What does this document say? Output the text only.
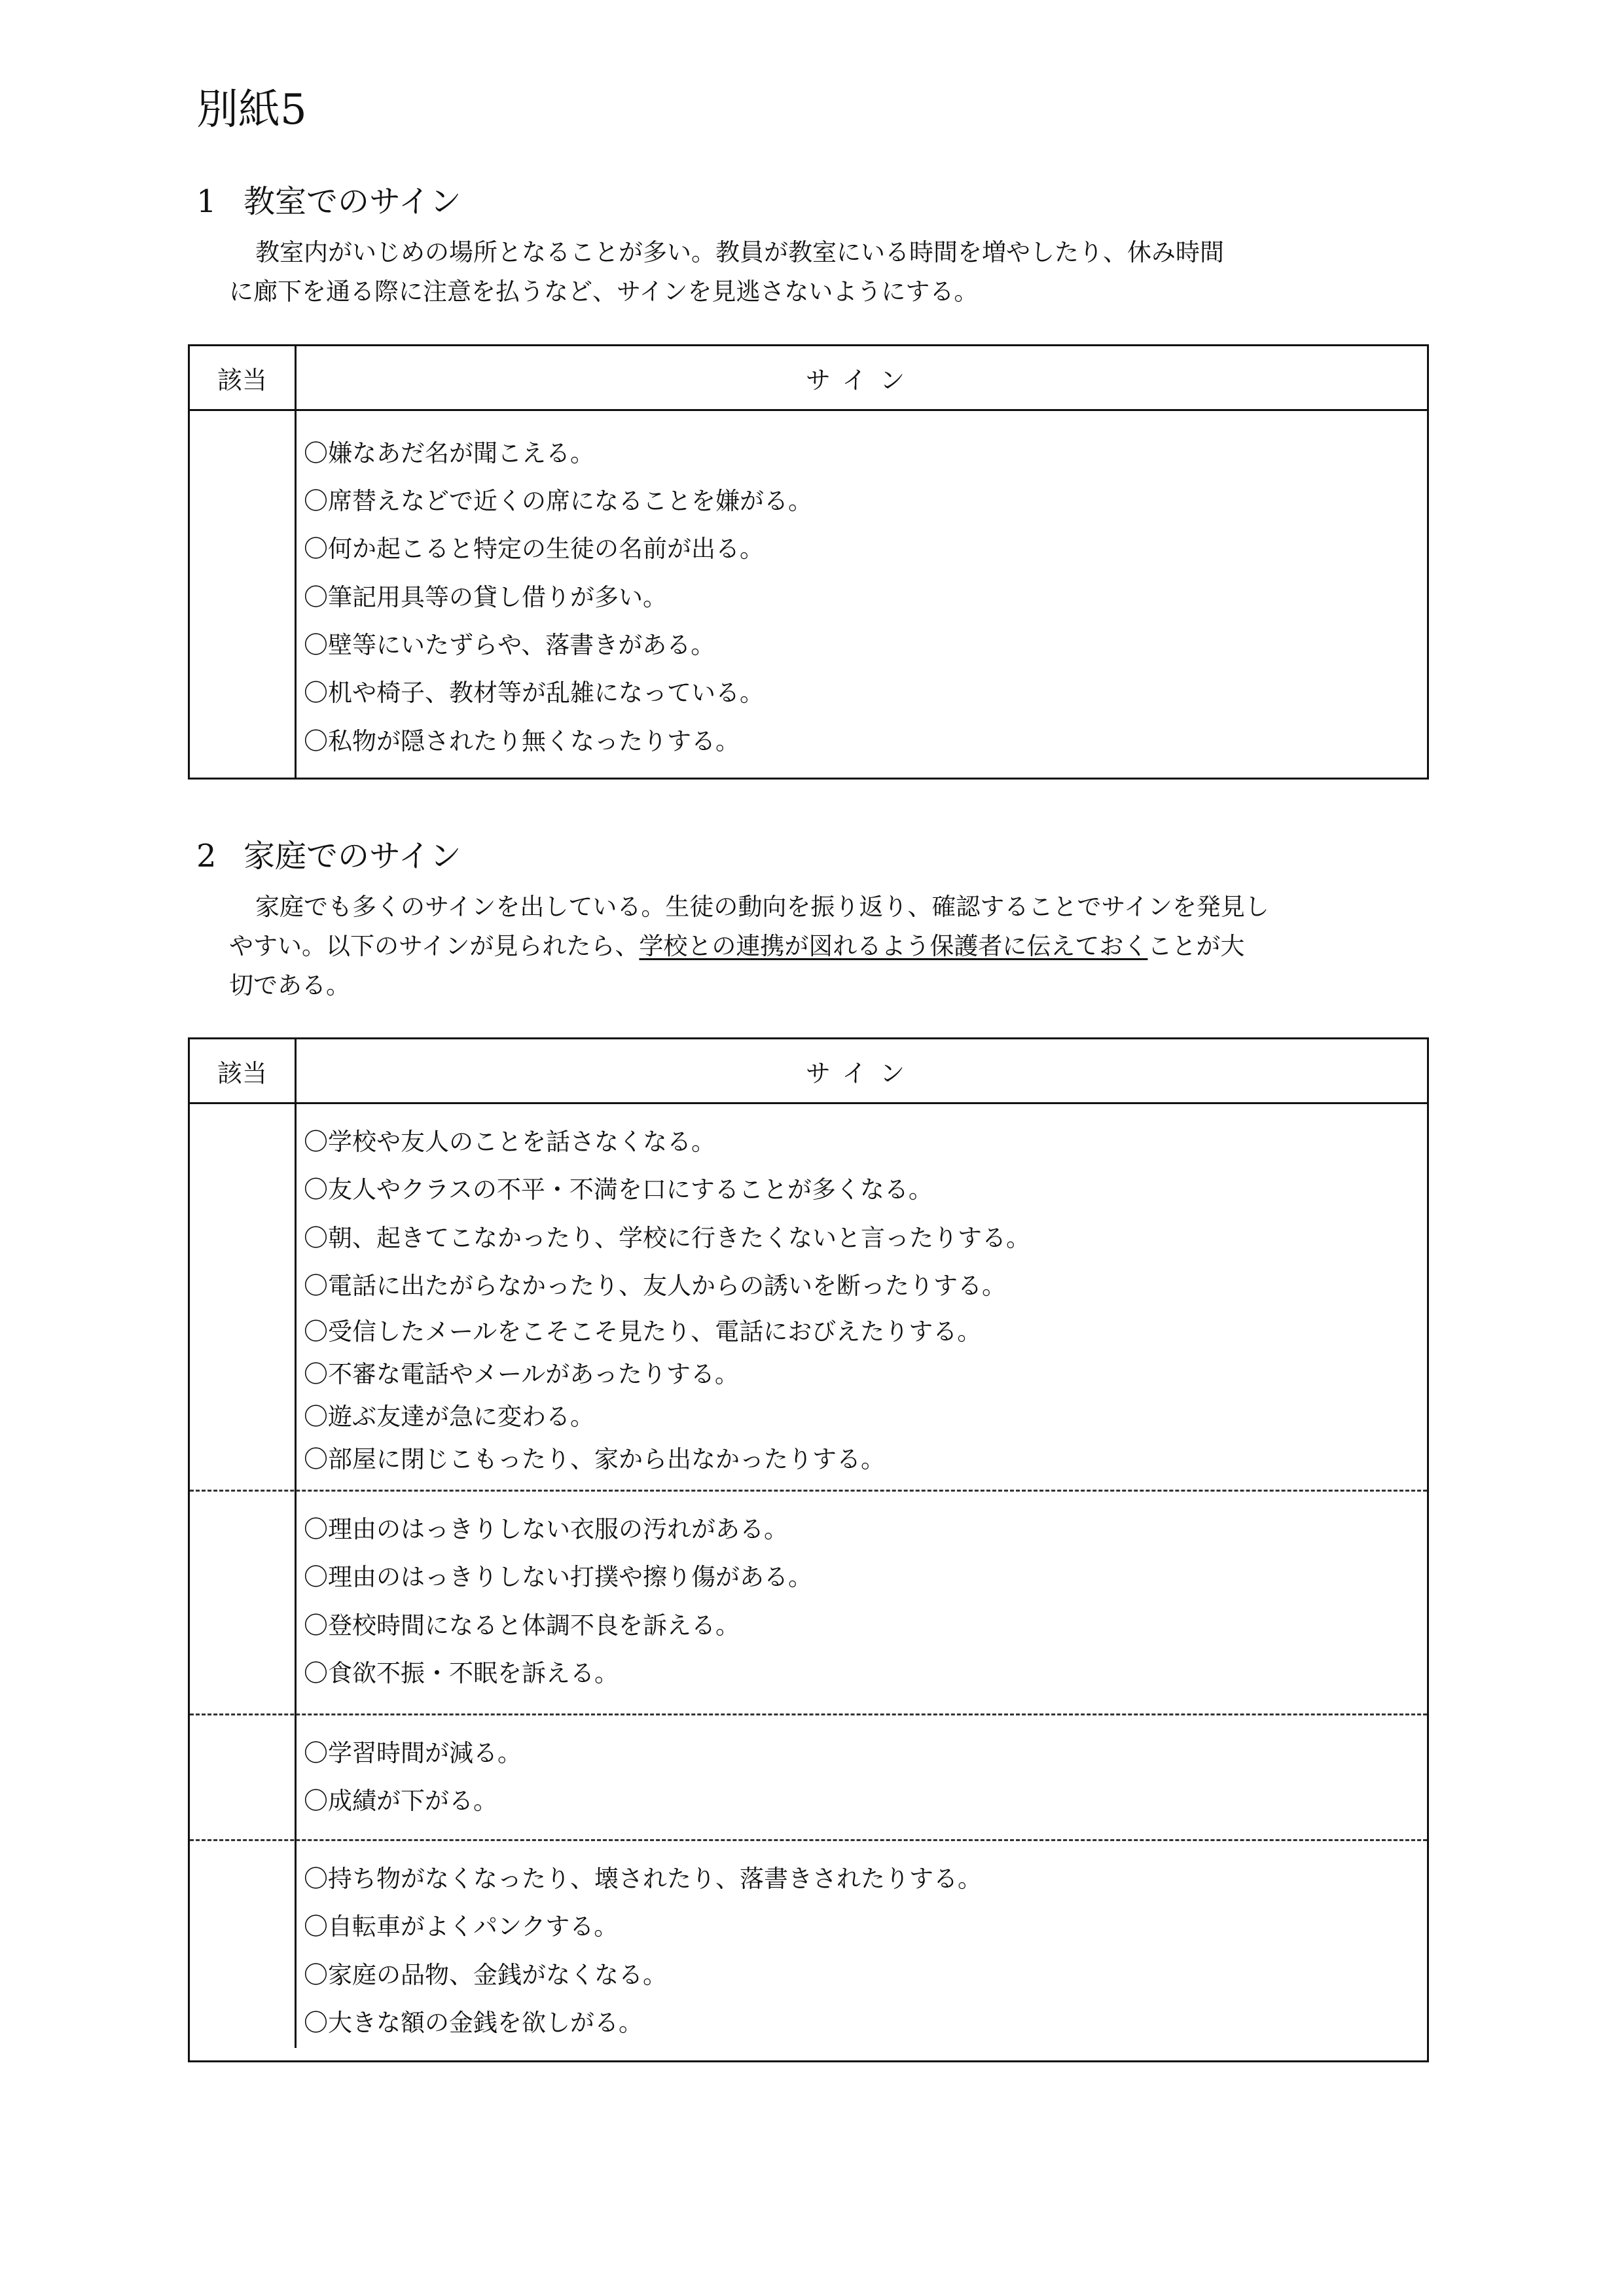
別紙5
1 教室でのサイン
教室内がいじめの場所となることが多い。教員が教室にいる時間を増やしたり、休み時間
に廊下を通る際に注意を払うなど、サインを見逃さないようにする。
該当	サイン
〇嫌なあだ名が聞こえる。
〇席替えなどで近くの席になることを嫌がる。
〇何か起こると特定の生徒の名前が出る。
〇筆記用具等の貸し借りが多い。
〇壁等にいたずらや、落書きがある。
〇机や椅子、教材等が乱雑になっている。
〇私物が隠されたり無くなったりする。
2 家庭でのサイン
家庭でも多くのサインを出している。生徒の動向を振り返り、確認することでサインを発見し
やすい。以下のサインが見られたら、学校との連携が図れるよう保護者に伝えておくことが大
切である。
該当	サイン
〇学校や友人のことを話さなくなる。
〇友人やクラスの不平・不満を口にすることが多くなる。
〇朝、起きてこなかったり、学校に行きたくないと言ったりする。
〇電話に出たがらなかったり、友人からの誘いを断ったりする。
〇受信したメールをこそこそ見たり、電話におびえたりする。
〇不審な電話やメールがあったりする。
〇遊ぶ友達が急に変わる。
〇部屋に閉じこもったり、家から出なかったりする。
〇理由のはっきりしない衣服の汚れがある。
〇理由のはっきりしない打撲や擦り傷がある。
〇登校時間になると体調不良を訴える。
〇食欲不振・不眠を訴える。
〇学習時間が減る。
〇成績が下がる。
〇持ち物がなくなったり、壊されたり、落書きされたりする。
〇自転車がよくパンクする。
〇家庭の品物、金銭がなくなる。
〇大きな額の金銭を欲しがる。
